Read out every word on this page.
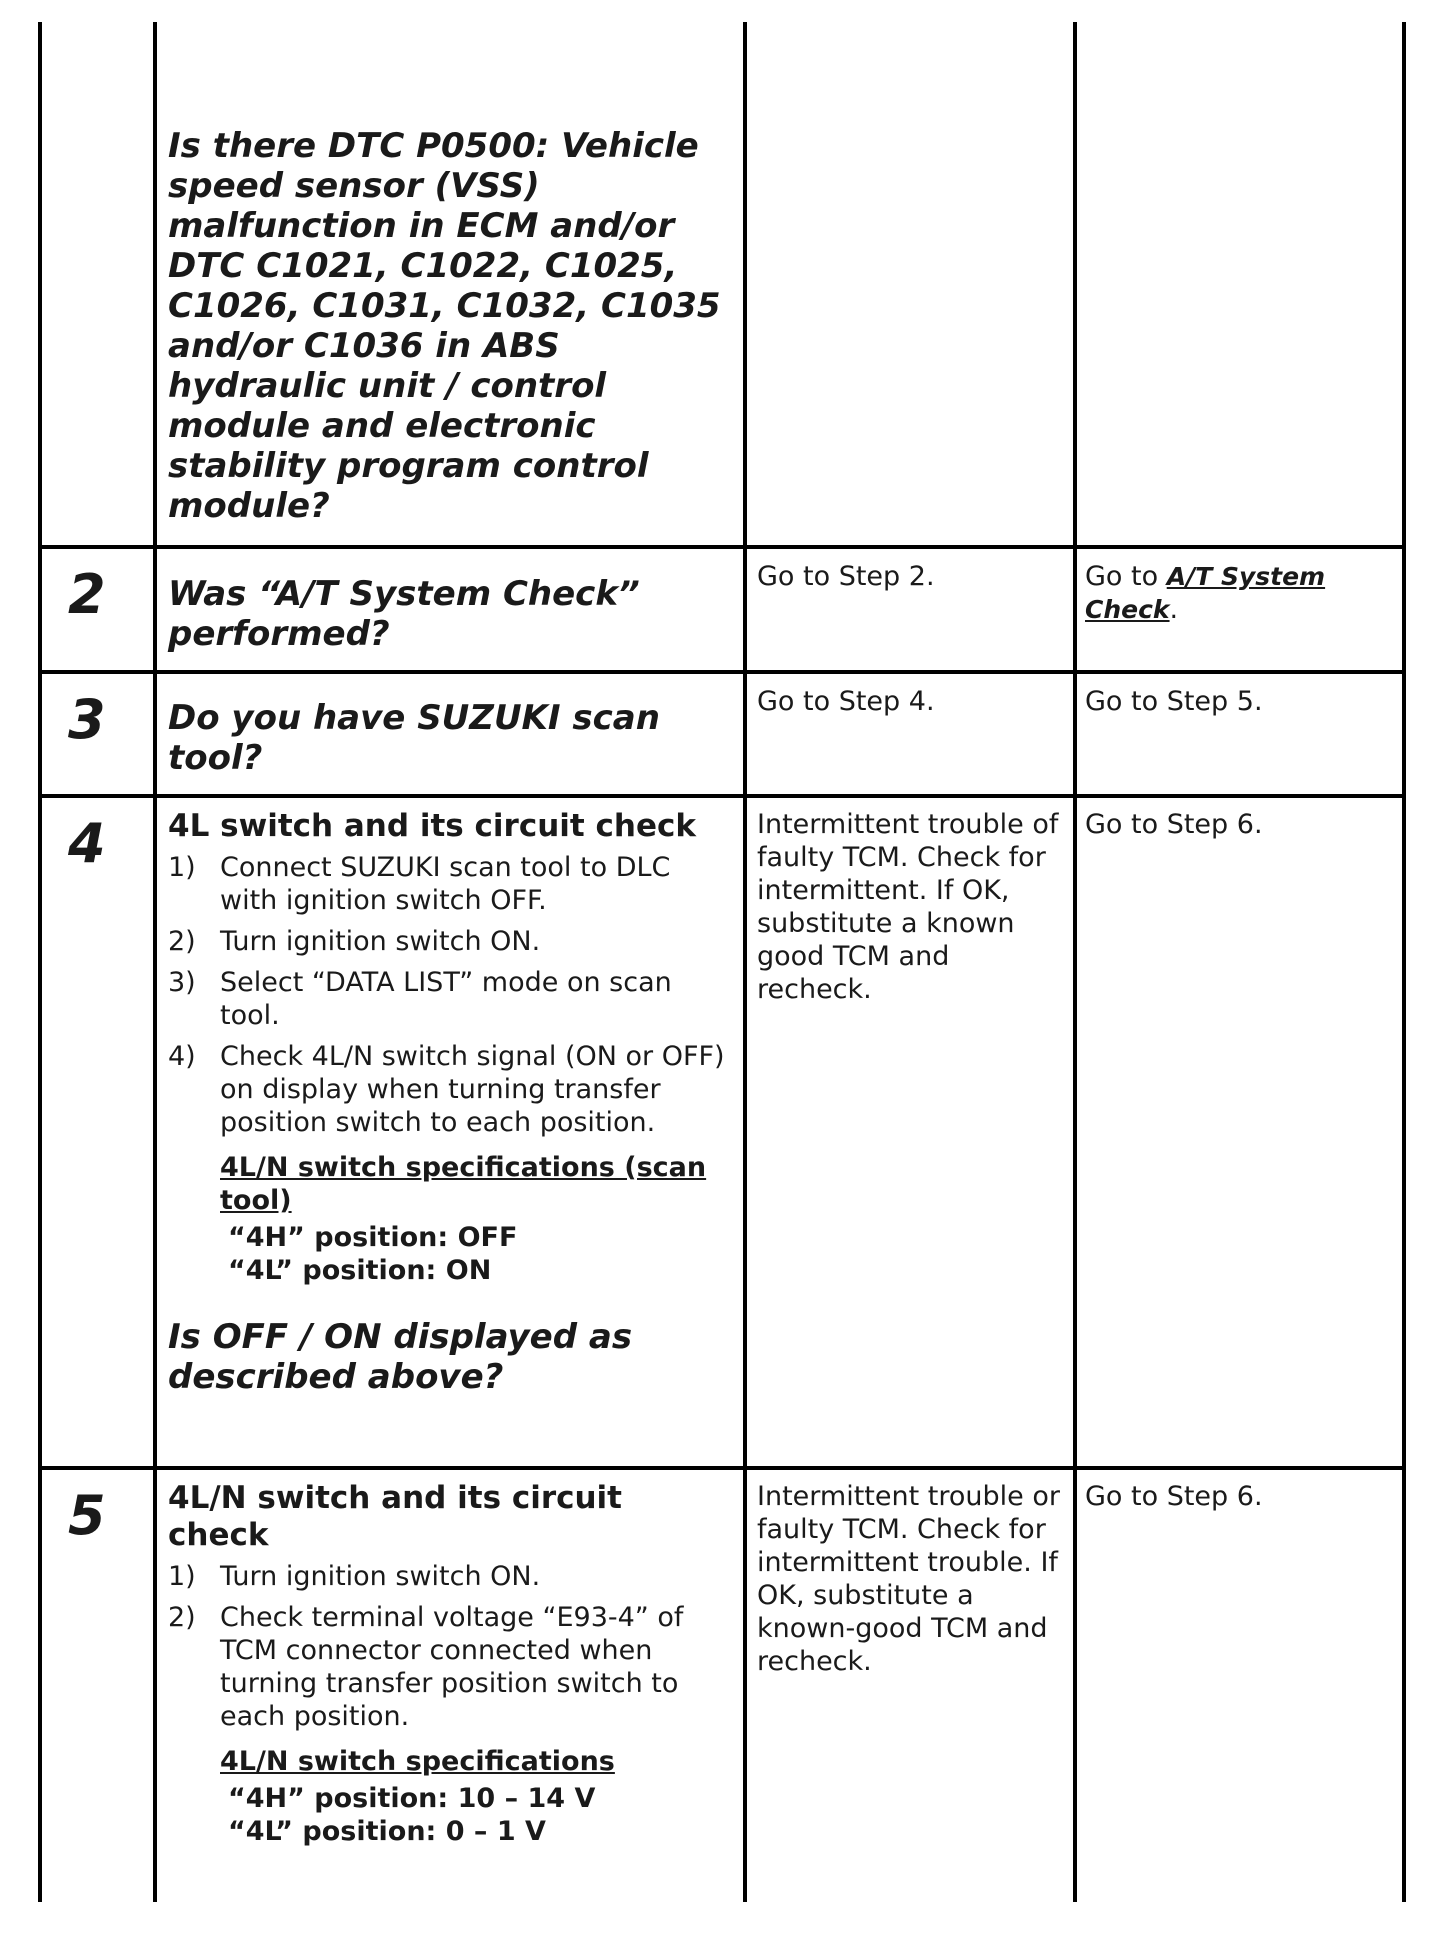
Is there DTC P0500: Vehicle speed sensor (VSS) malfunction in ECM and/or DTC C1021, C1022, C1025, C1026, C1031, C1032, C1035 and/or C1036 in ABS hydraulic unit / control module and electronic stability program control module?
2 Was “A/T System Check” performed?
Go to Step 2.	Go to A/T System Check.
3 Do you have SUZUKI scan tool?
Go to Step 4.	Go to Step 5.
4 4L switch and its circuit check
1) Connect SUZUKI scan tool to DLC with ignition switch OFF.
2) Turn ignition switch ON.
3) Select “DATA LIST” mode on scan tool.
4) Check 4L/N switch signal (ON or OFF) on display when turning transfer position switch to each position.
4L/N switch specifications (scan tool)
“4H” position: OFF
“4L” position: ON
Is OFF / ON displayed as described above?
Intermittent trouble of faulty TCM. Check for intermittent. If OK, substitute a known good TCM and recheck.
Go to Step 6.
5 4L/N switch and its circuit check
1) Turn ignition switch ON.
2) Check terminal voltage “E93-4” of TCM connector connected when turning transfer position switch to each position.
4L/N switch specifications
“4H” position: 10 – 14 V
“4L” position: 0 – 1 V
Intermittent trouble or faulty TCM. Check for intermittent trouble. If OK, substitute a known-good TCM and recheck.
Go to Step 6.
